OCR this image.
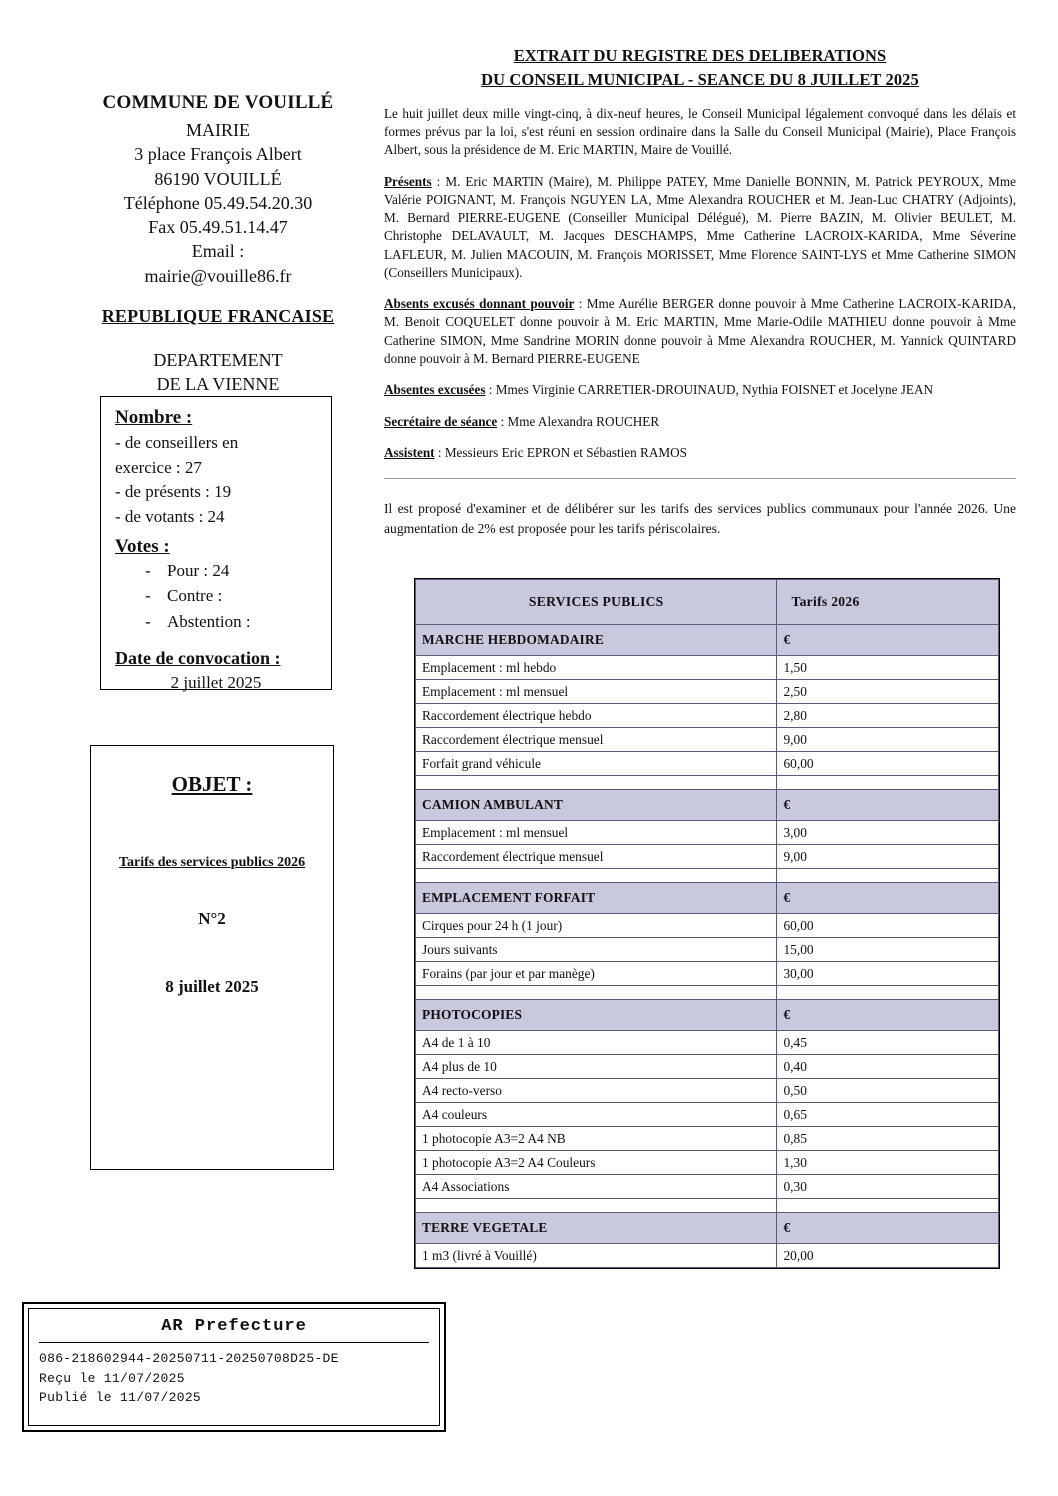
COMMUNE DE VOUILLÉ
MAIRIE
3 place François Albert
86190 VOUILLÉ
Téléphone 05.49.54.20.30
Fax 05.49.51.14.47
Email :
mairie@vouille86.fr
REPUBLIQUE FRANCAISE
DEPARTEMENT
DE LA VIENNE
Nombre :
- de conseillers en
exercice : 27
- de présents : 19
- de votants : 24
Votes :
- Pour : 24
- Contre :
- Abstention :
Date de convocation :
2 juillet 2025
OBJET :
Tarifs des services publics 2026
N°2
8 juillet 2025
EXTRAIT DU REGISTRE DES DELIBERATIONS
DU CONSEIL MUNICIPAL - SEANCE DU 8 JUILLET 2025

Le huit juillet deux mille vingt-cinq, à dix-neuf heures, le Conseil Municipal légalement convoqué dans les délais et formes prévus par la loi, s'est réuni en session ordinaire dans la Salle du Conseil Municipal (Mairie), Place François Albert, sous la présidence de M. Eric MARTIN, Maire de Vouillé.

Présents : M. Eric MARTIN (Maire), M. Philippe PATEY, Mme Danielle BONNIN, M. Patrick PEYROUX, Mme Valérie POIGNANT, M. François NGUYEN LA, Mme Alexandra ROUCHER et M. Jean-Luc CHATRY (Adjoints), M. Bernard PIERRE-EUGENE (Conseiller Municipal Délégué), M. Pierre BAZIN, M. Olivier BEULET, M. Christophe DELAVAULT, M. Jacques DESCHAMPS, Mme Catherine LACROIX-KARIDA, Mme Séverine LAFLEUR, M. Julien MACOUIN, M. François MORISSET, Mme Florence SAINT-LYS et Mme Catherine SIMON (Conseillers Municipaux).

Absents excusés donnant pouvoir : Mme Aurélie BERGER donne pouvoir à Mme Catherine LACROIX-KARIDA, M. Benoit COQUELET donne pouvoir à M. Eric MARTIN, Mme Marie-Odile MATHIEU donne pouvoir à Mme Catherine SIMON, Mme Sandrine MORIN donne pouvoir à Mme Alexandra ROUCHER, M. Yannick QUINTARD donne pouvoir à M. Bernard PIERRE-EUGENE

Absentes excusées : Mmes Virginie CARRETIER-DROUINAUD, Nythia FOISNET et Jocelyne JEAN

Secrétaire de séance : Mme Alexandra ROUCHER

Assistent : Messieurs Eric EPRON et Sébastien RAMOS

Il est proposé d'examiner et de délibérer sur les tarifs des services publics communaux pour l'année 2026. Une augmentation de 2% est proposée pour les tarifs périscolaires.

SERVICES PUBLICS	Tarifs 2026
MARCHE HEBDOMADAIRE	€
Emplacement : ml hebdo	1,50
Emplacement : ml mensuel	2,50
Raccordement électrique hebdo	2,80
Raccordement électrique mensuel	9,00
Forfait grand véhicule	60,00

CAMION AMBULANT	€
Emplacement : ml mensuel	3,00
Raccordement électrique mensuel	9,00

EMPLACEMENT FORFAIT	€
Cirques pour 24 h (1 jour)	60,00
Jours suivants	15,00
Forains (par jour et par manège)	30,00

PHOTOCOPIES	€
A4 de 1 à 10	0,45
A4 plus de 10	0,40
A4 recto-verso	0,50
A4 couleurs	0,65
1 photocopie A3=2 A4 NB	0,85
1 photocopie A3=2 A4 Couleurs	1,30
A4 Associations	0,30

TERRE VEGETALE	€
1 m3 (livré à Vouillé)	20,00
AR Prefecture
086-218602944-20250711-20250708D25-DE
Reçu le 11/07/2025
Publié le 11/07/2025
